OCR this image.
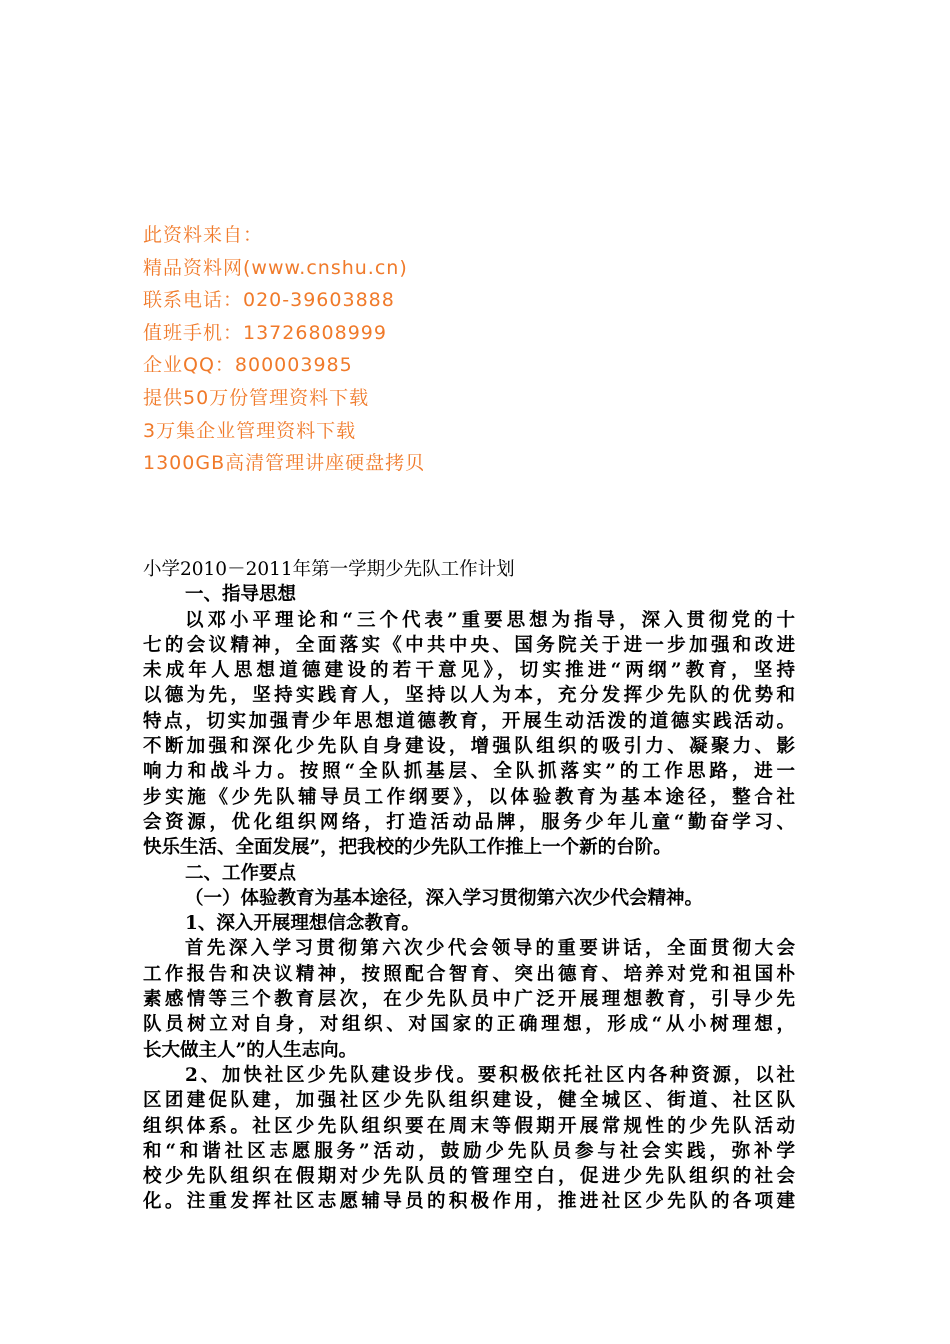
此资料来自：
精品资料网(www.cnshu.cn)
联系电话：020-39603888
值班手机：13726808999
企业QQ：800003985
提供50万份管理资料下载
3万集企业管理资料下载
1300GB高清管理讲座硬盘拷贝
小学2010－2011年第一学期少先队工作计划
一、指导思想
以邓小平理论和“三个代表”重要思想为指导，深入贯彻党的十
七的会议精神，全面落实《中共中央、国务院关于进一步加强和改进
未成年人思想道德建设的若干意见》，切实推进“两纲”教育，坚持
以德为先，坚持实践育人，坚持以人为本，充分发挥少先队的优势和
特点，切实加强青少年思想道德教育，开展生动活泼的道德实践活动。
不断加强和深化少先队自身建设，增强队组织的吸引力、凝聚力、影
响力和战斗力。按照“全队抓基层、全队抓落实”的工作思路，进一
步实施《少先队辅导员工作纲要》，以体验教育为基本途径，整合社
会资源，优化组织网络，打造活动品牌，服务少年儿童“勤奋学习、
快乐生活、全面发展”，把我校的少先队工作推上一个新的台阶。
二、工作要点
（一）体验教育为基本途径，深入学习贯彻第六次少代会精神。
1、深入开展理想信念教育。
首先深入学习贯彻第六次少代会领导的重要讲话，全面贯彻大会
工作报告和决议精神，按照配合智育、突出德育、培养对党和祖国朴
素感情等三个教育层次，在少先队员中广泛开展理想教育，引导少先
队员树立对自身，对组织、对国家的正确理想，形成“从小树理想，
长大做主人”的人生志向。
2、加快社区少先队建设步伐。要积极依托社区内各种资源，以社
区团建促队建，加强社区少先队组织建设，健全城区、街道、社区队
组织体系。社区少先队组织要在周末等假期开展常规性的少先队活动
和“和谐社区志愿服务”活动，鼓励少先队员参与社会实践，弥补学
校少先队组织在假期对少先队员的管理空白，促进少先队组织的社会
化。注重发挥社区志愿辅导员的积极作用，推进社区少先队的各项建
